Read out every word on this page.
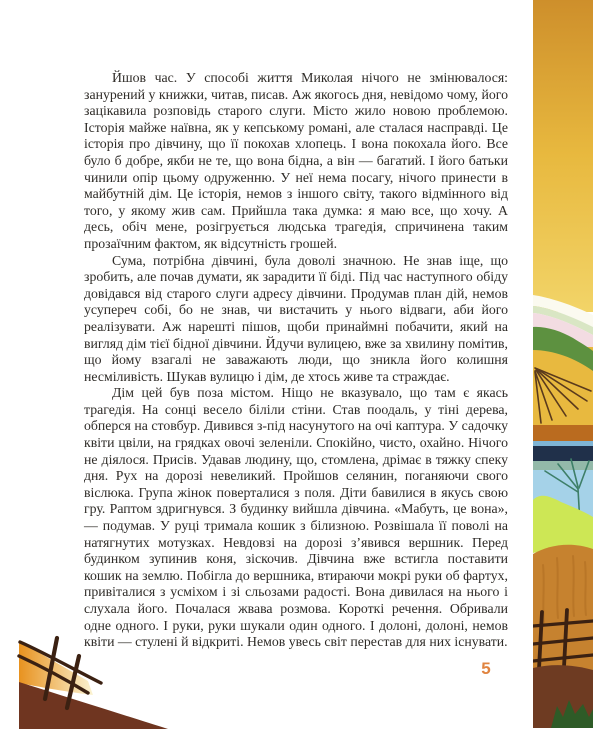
Йшов час. У способі життя Миколая нічого не змінювалося: занурений у книжки, читав, писав. Аж якогось дня, невідомо чому, його зацікавила розповідь старого слуги. Місто жило новою проблемою. Історія майже наївна, як у кепському романі, але сталася насправді. Це історія про дівчину, що її покохав хлопець. І вона покохала його. Все було б добре, якби не те, що вона бідна, а він — багатий. І його батьки чинили опір цьому одруженню. У неї нема посагу, нічого принести в майбутній дім. Це історія, немов з іншого світу, такого відмінного від того, у якому жив сам. Прийшла така думка: я маю все, що хочу. А десь, обіч мене, розігрується людська трагедія, спричинена таким прозаїчним фактом, як відсутність грошей.

Сума, потрібна дівчині, була доволі значною. Не знав іще, що зробить, але почав думати, як зарадити її біді. Під час наступного обіду довідався від старого слуги адресу дівчини. Продумав план дій, немов усупереч собі, бо не знав, чи вистачить у нього відваги, аби його реалізувати. Аж нарешті пішов, щоби принаймні побачити, який на вигляд дім тієї бідної дівчини. Йдучи вулицею, вже за хвилину помітив, що йому взагалі не заважають люди, що зникла його колишня несміливість. Шукав вулицю і дім, де хтось живе та страждає.

Дім цей був поза містом. Ніщо не вказувало, що там є якась трагедія. На сонці весело біліли стіни. Став поодаль, у тіні дерева, обперся на стовбур. Дивився з-під насунутого на очі каптура. У садочку квіти цвіли, на грядках овочі зеленіли. Спокійно, чисто, охайно. Нічого не діялося. Присів. Удавав людину, що, стомлена, дрімає в тяжку спеку дня. Рух на дорозі невеликий. Пройшов селянин, поганяючи свого віслюка. Група жінок поверталися з поля. Діти бавилися в якусь свою гру. Раптом здригнувся. З будинку вийшла дівчина. «Мабуть, це вона», — подумав. У руці тримала кошик з білизною. Розвішала її поволі на натягнутих мотузках. Невдовзі на дорозі з’явився вершник. Перед будинком зупинив коня, зіскочив. Дівчина вже встигла поставити кошик на землю. Побігла до вершника, втираючи мокрі руки об фартух, привіталися з усміхом і зі сльозами радості. Вона дивилася на нього і слухала його. Почалася жвава розмова. Короткі речення. Обривали одне одного. І руки, руки шукали один одного. І долоні, долоні, немов квіти — стулені й відкриті. Немов увесь світ перестав для них існувати.

5
